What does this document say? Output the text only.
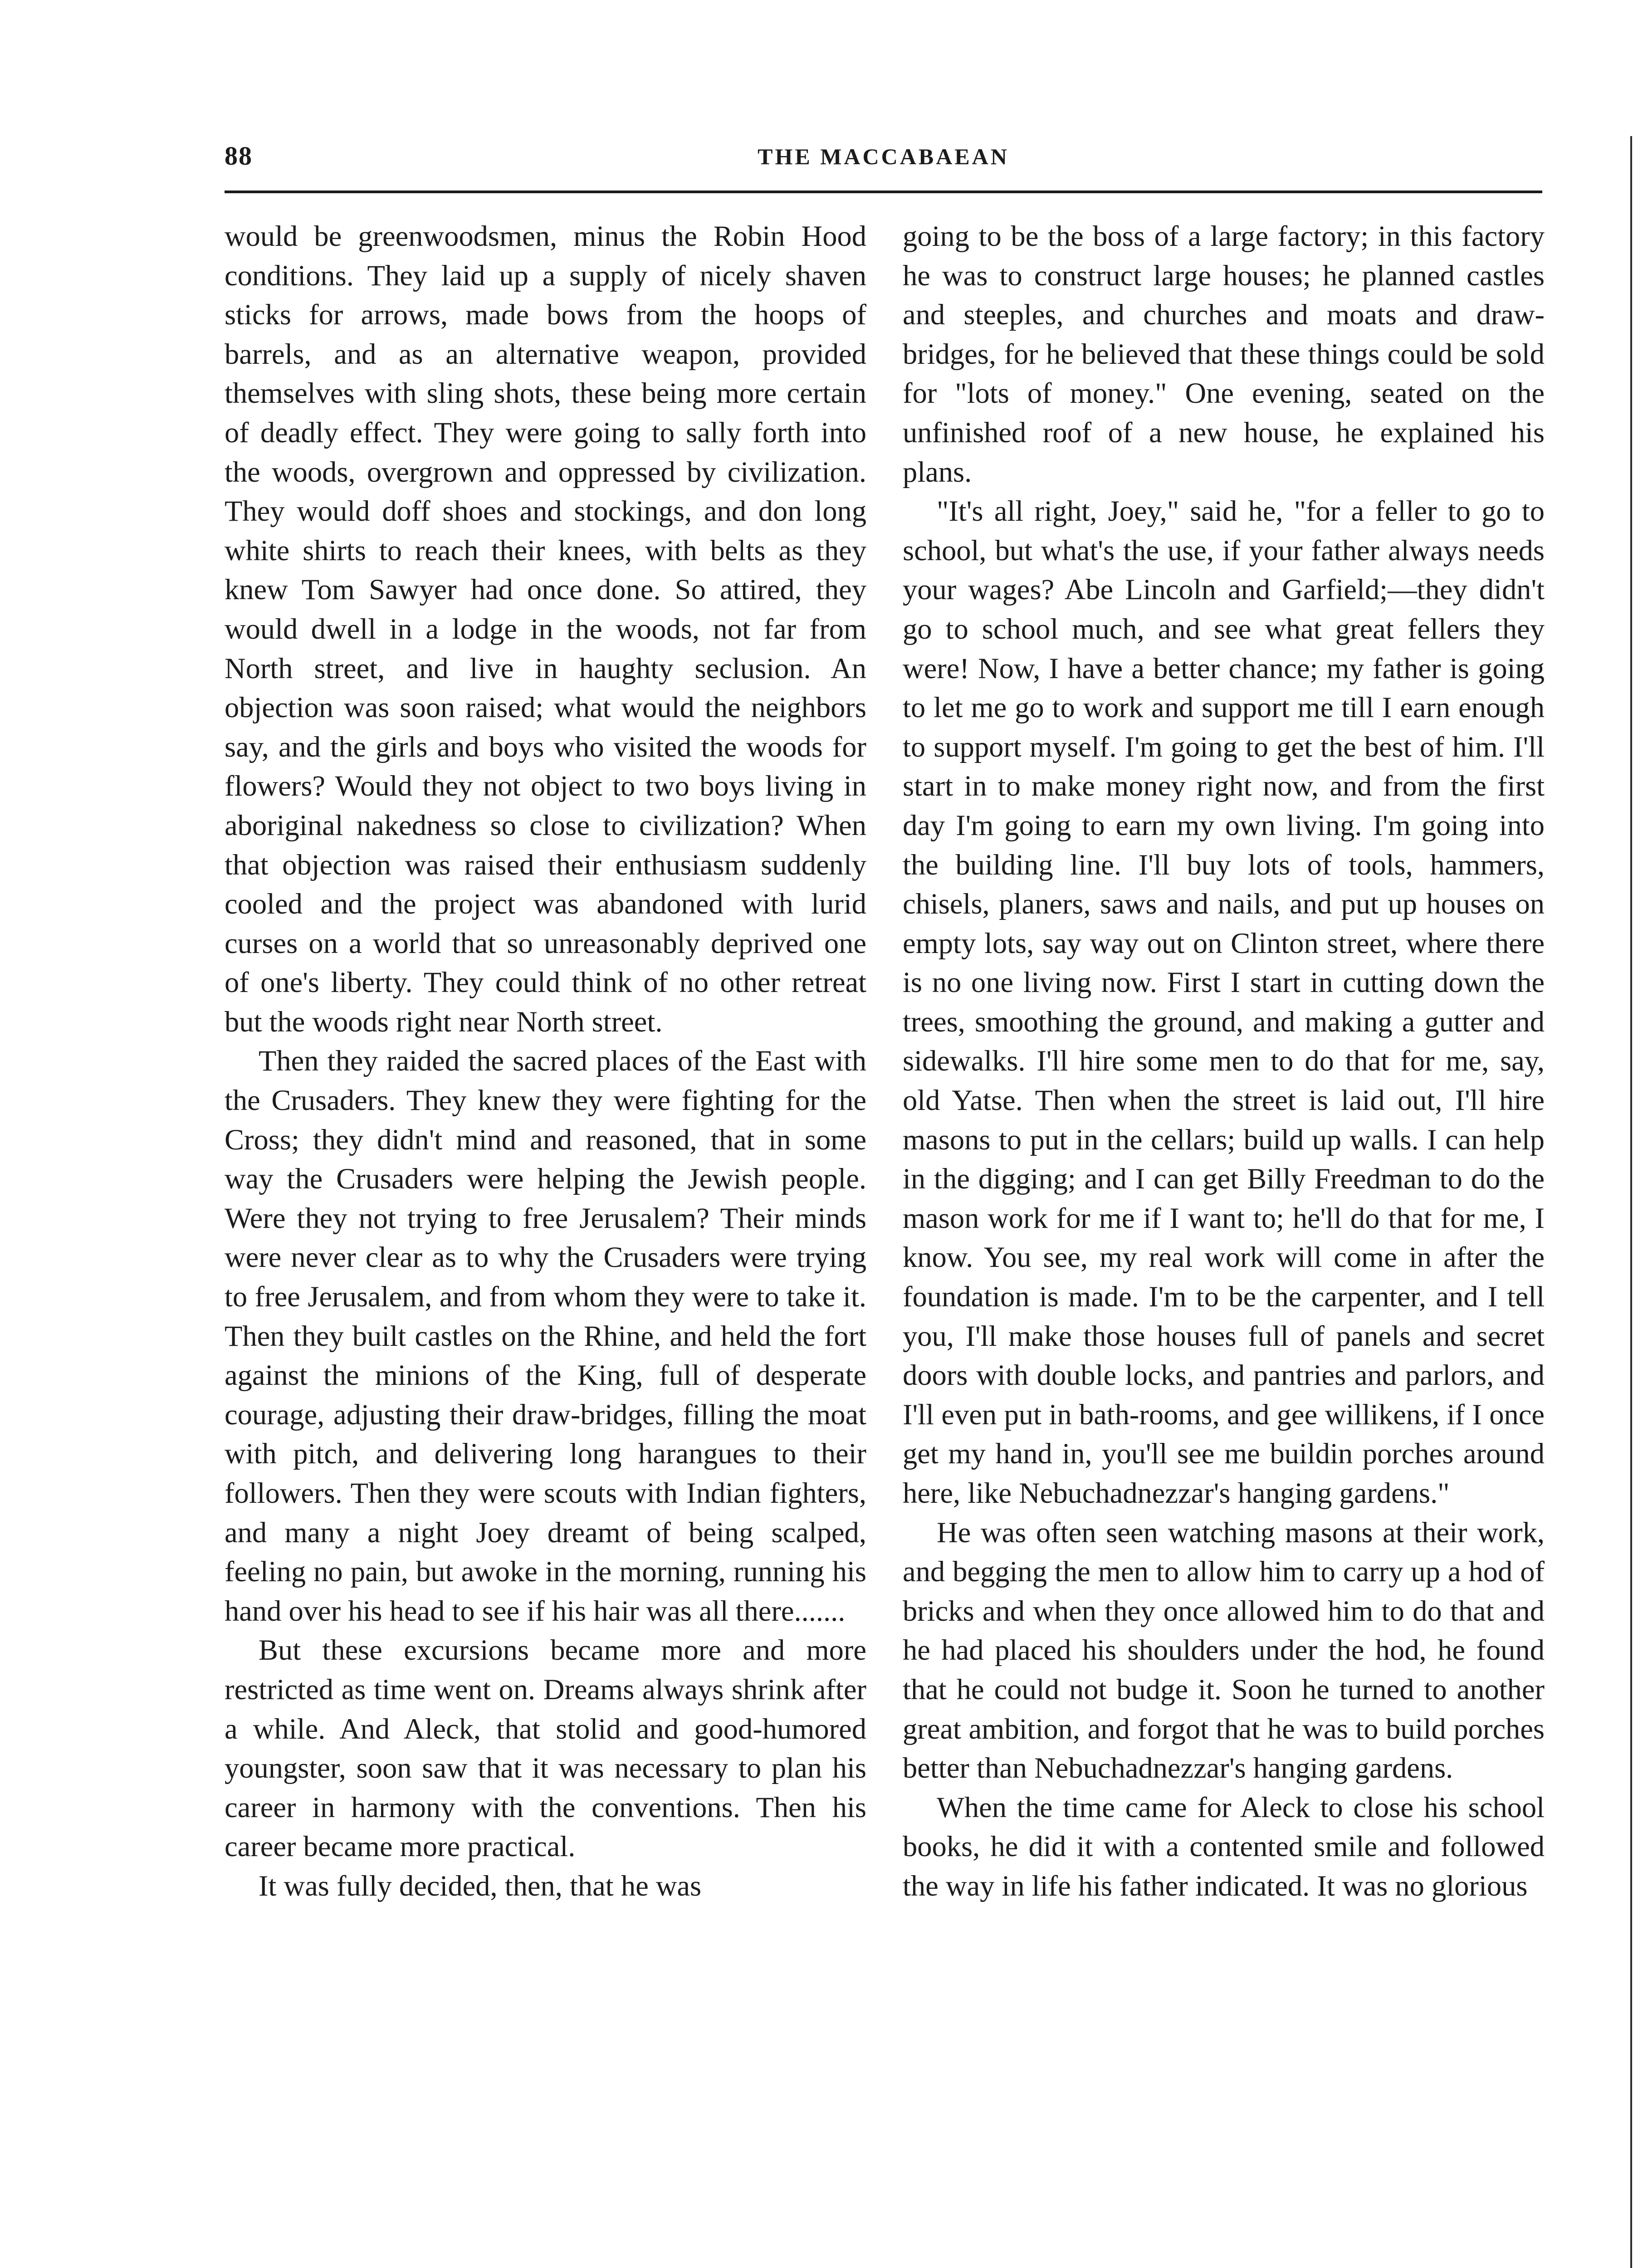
88	THE MACCABAEAN

would be greenwoodsmen, minus the Robin Hood conditions. They laid up a supply of nicely shaven sticks for arrows, made bows from the hoops of barrels, and as an alternative weapon, provided themselves with sling shots, these being more certain of deadly effect. They were going to sally forth into the woods, overgrown and oppressed by civilization. They would doff shoes and stockings, and don long white shirts to reach their knees, with belts as they knew Tom Sawyer had once done. So attired, they would dwell in a lodge in the woods, not far from North street, and live in haughty seclusion. An objection was soon raised; what would the neighbors say, and the girls and boys who visited the woods for flowers? Would they not object to two boys living in aboriginal nakedness so close to civilization? When that objection was raised their enthusiasm suddenly cooled and the project was abandoned with lurid curses on a world that so unreasonably deprived one of one's liberty. They could think of no other retreat but the woods right near North street.

Then they raided the sacred places of the East with the Crusaders. They knew they were fighting for the Cross; they didn't mind and reasoned, that in some way the Crusaders were helping the Jewish people. Were they not trying to free Jerusalem? Their minds were never clear as to why the Crusaders were trying to free Jerusalem, and from whom they were to take it. Then they built castles on the Rhine, and held the fort against the minions of the King, full of desperate courage, adjusting their draw-bridges, filling the moat with pitch, and delivering long harangues to their followers. Then they were scouts with Indian fighters, and many a night Joey dreamt of being scalped, feeling no pain, but awoke in the morning, running his hand over his head to see if his hair was all there.......

But these excursions became more and more restricted as time went on. Dreams always shrink after a while. And Aleck, that stolid and good-humored youngster, soon saw that it was necessary to plan his career in harmony with the conventions. Then his career became more practical.

It was fully decided, then, that he was

going to be the boss of a large factory; in this factory he was to construct large houses; he planned castles and steeples, and churches and moats and draw-bridges, for he believed that these things could be sold for "lots of money." One evening, seated on the unfinished roof of a new house, he explained his plans.

"It's all right, Joey," said he, "for a feller to go to school, but what's the use, if your father always needs your wages? Abe Lincoln and Garfield;—they didn't go to school much, and see what great fellers they were! Now, I have a better chance; my father is going to let me go to work and support me till I earn enough to support myself. I'm going to get the best of him. I'll start in to make money right now, and from the first day I'm going to earn my own living. I'm going into the building line. I'll buy lots of tools, hammers, chisels, planers, saws and nails, and put up houses on empty lots, say way out on Clinton street, where there is no one living now. First I start in cutting down the trees, smoothing the ground, and making a gutter and sidewalks. I'll hire some men to do that for me, say, old Yatse. Then when the street is laid out, I'll hire masons to put in the cellars; build up walls. I can help in the digging; and I can get Billy Freedman to do the mason work for me if I want to; he'll do that for me, I know. You see, my real work will come in after the foundation is made. I'm to be the carpenter, and I tell you, I'll make those houses full of panels and secret doors with double locks, and pantries and parlors, and I'll even put in bath-rooms, and gee willikens, if I once get my hand in, you'll see me buildin porches around here, like Nebuchadnezzar's hanging gardens."

He was often seen watching masons at their work, and begging the men to allow him to carry up a hod of bricks and when they once allowed him to do that and he had placed his shoulders under the hod, he found that he could not budge it. Soon he turned to another great ambition, and forgot that he was to build porches better than Nebuchadnezzar's hanging gardens.

When the time came for Aleck to close his school books, he did it with a contented smile and followed the way in life his father indicated. It was no glorious
